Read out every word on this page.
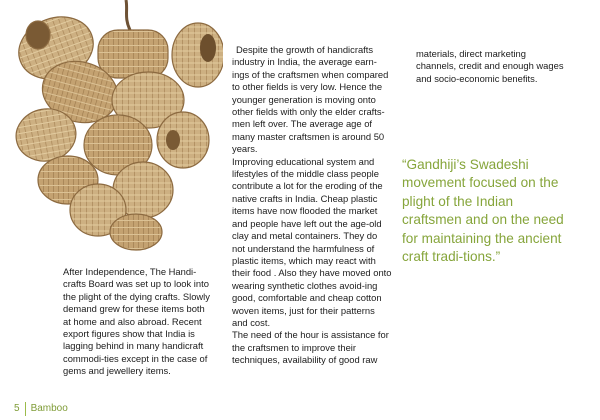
After Independence, The Handi-crafts Board was set up to look into the plight of the dying crafts. Slowly demand grew for these items both at home and also abroad. Recent export figures show that India is lagging behind in many handicraft commodi-ties except in the case of gems and jewellery items.

Despite the growth of handicrafts industry in India, the average earn-ings of the craftsmen when compared to other fields is very low. Hence the younger generation is moving onto other fields with only the elder crafts-men left over. The average age of many master craftsmen is around 50 years.

Improving educational system and lifestyles of the middle class people contribute a lot for the eroding of the native crafts in India. Cheap plastic items have now flooded the market and people have left out the age-old clay and metal containers. They do not understand the harmfulness of plastic items, which may react with their food . Also they have moved onto wearing synthetic clothes avoid-ing good, comfortable and cheap cotton woven items, just for their patterns and cost.

The need of the hour is assistance for the craftsmen to improve their techniques, availability of good raw

materials, direct marketing channels, credit and enough wages and socio-economic benefits.

“Gandhiji’s Swadeshi movement focused on the plight of the Indian craftsmen and on the need for maintaining the ancient craft tradi-tions.”

5 Bamboo
